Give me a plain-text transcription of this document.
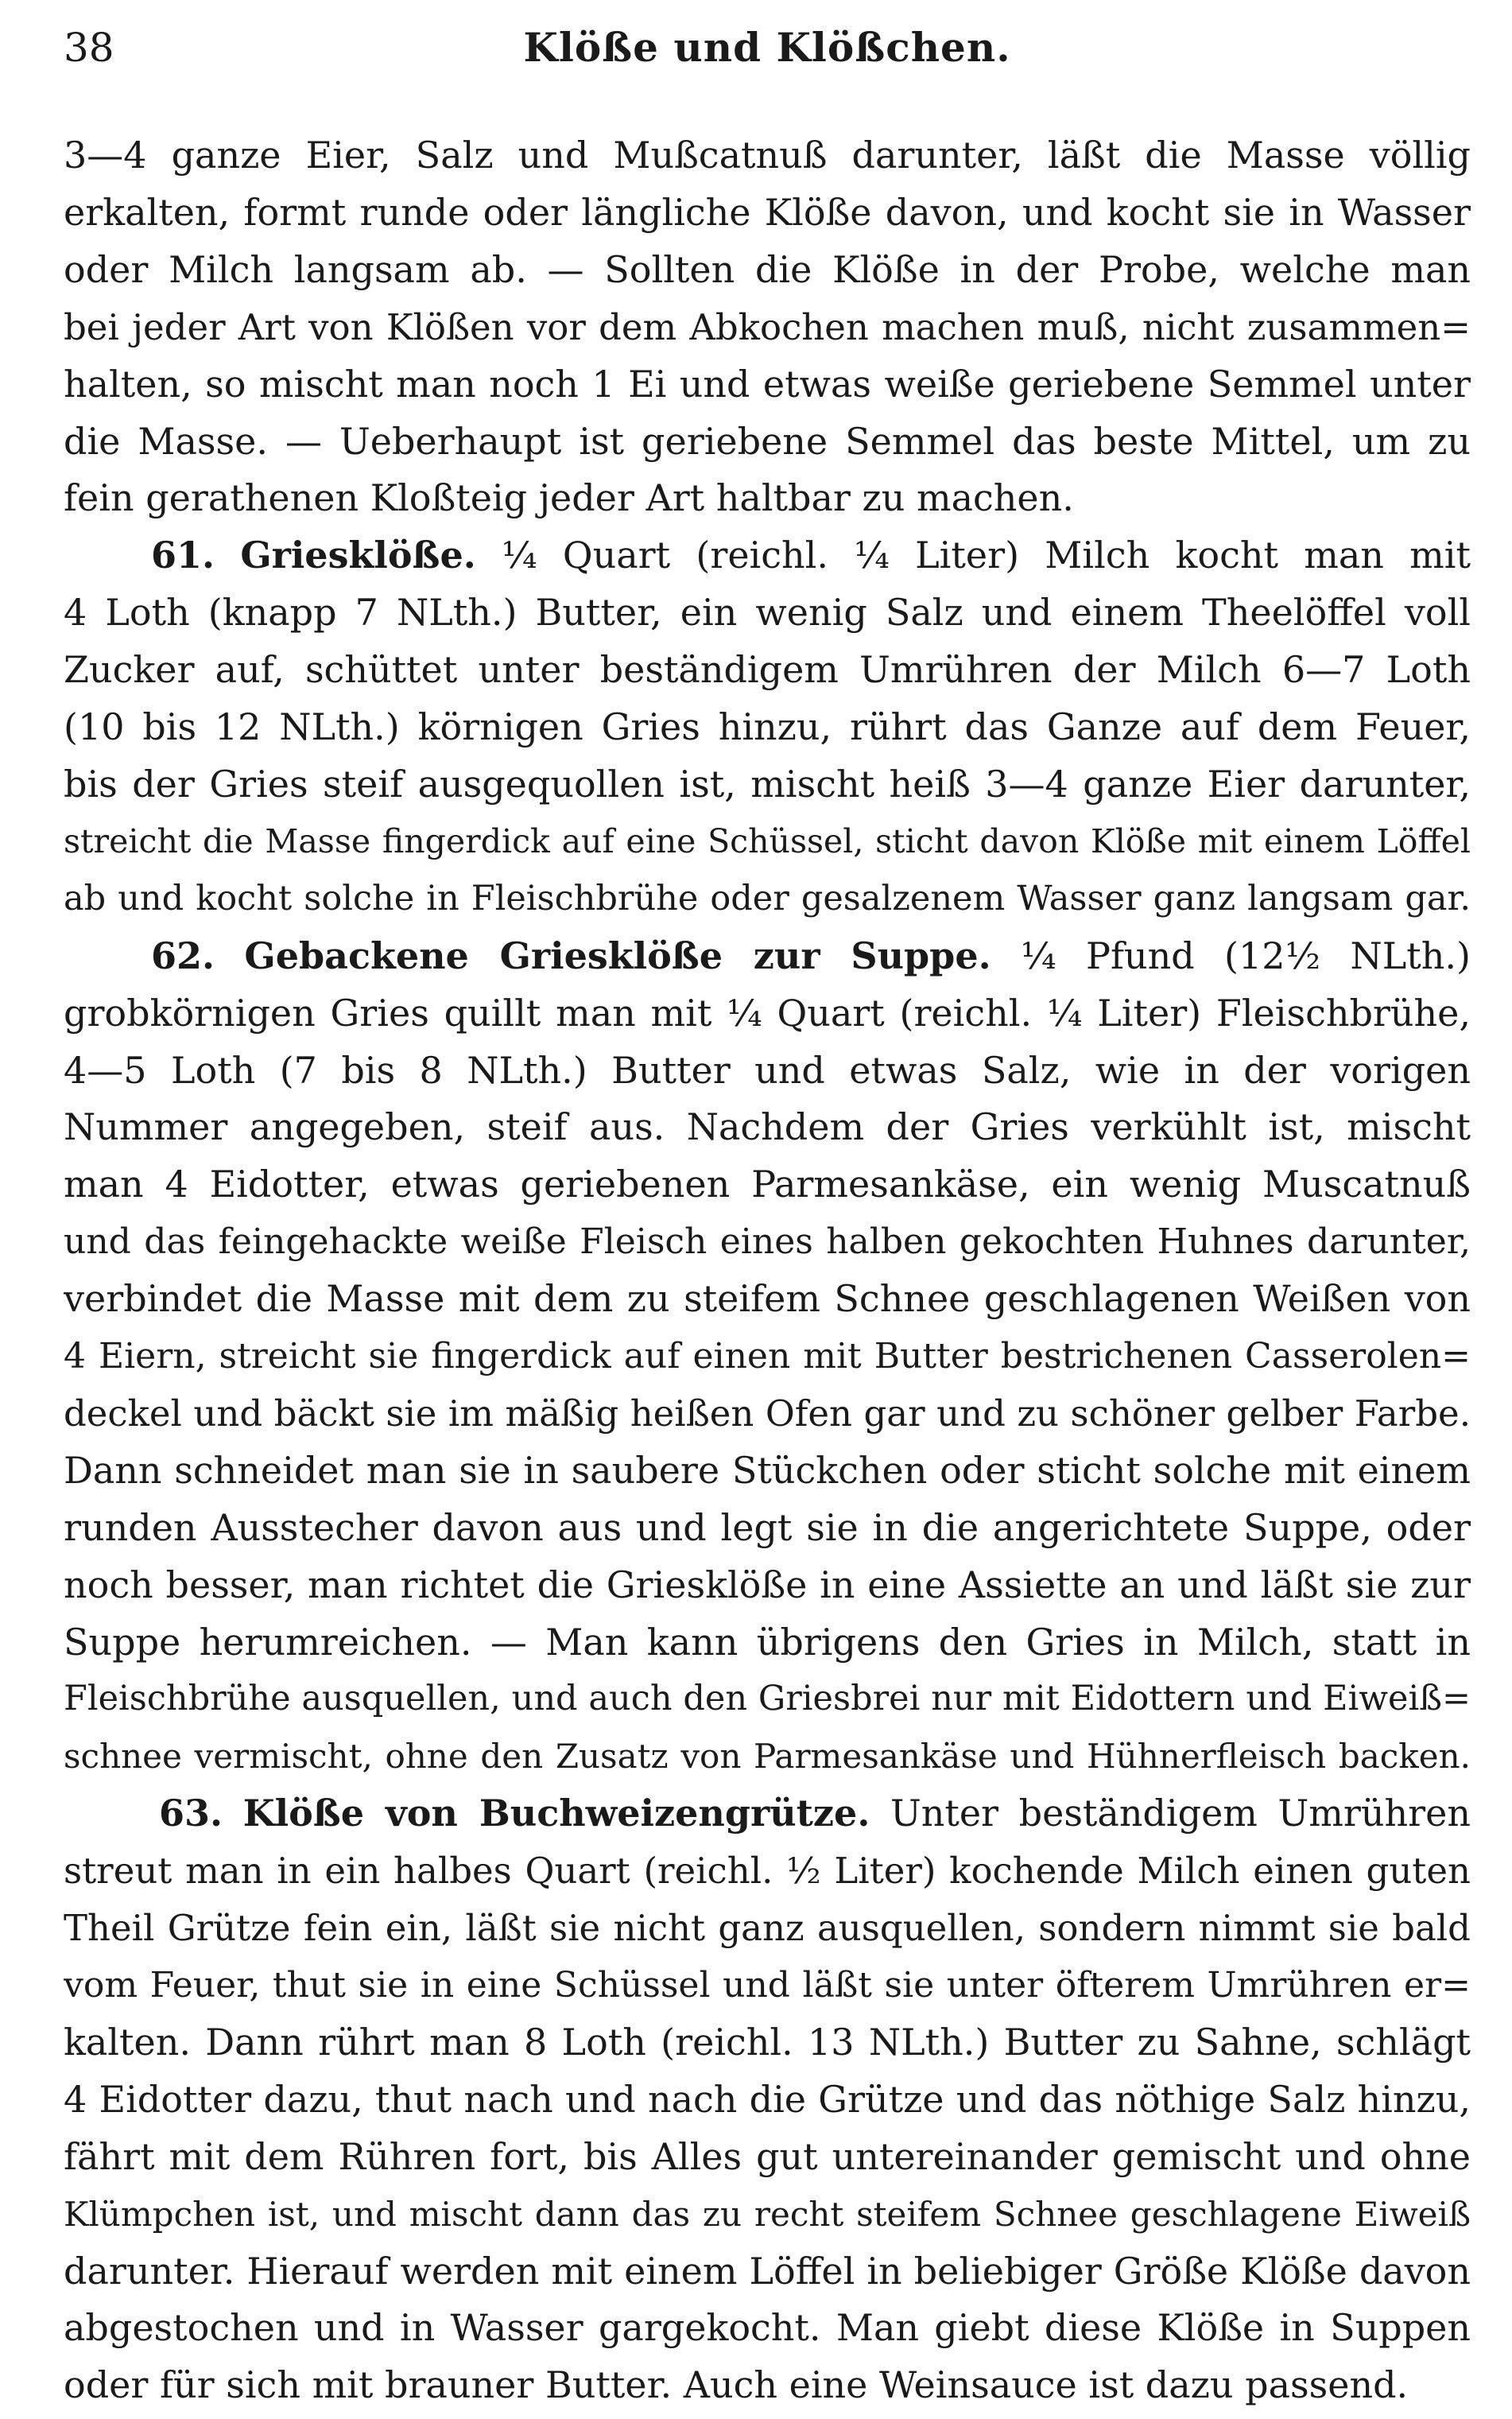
38	Klöße und Klößchen.
3—4 ganze Eier, Salz und Mußcatnuß darunter, läßt die Masse völlig
erkalten, formt runde oder längliche Klöße davon, und kocht sie in Wasser
oder Milch langsam ab. — Sollten die Klöße in der Probe, welche man
bei jeder Art von Klößen vor dem Abkochen machen muß, nicht zusammen=
halten, so mischt man noch 1 Ei und etwas weiße geriebene Semmel unter
die Masse. — Ueberhaupt ist geriebene Semmel das beste Mittel, um zu
fein gerathenen Kloßteig jeder Art haltbar zu machen.
61. Griesklöße. ¼ Quart (reichl. ¼ Liter) Milch kocht man mit
4 Loth (knapp 7 NLth.) Butter, ein wenig Salz und einem Theelöffel voll
Zucker auf, schüttet unter beständigem Umrühren der Milch 6—7 Loth
(10 bis 12 NLth.) körnigen Gries hinzu, rührt das Ganze auf dem Feuer,
bis der Gries steif ausgequollen ist, mischt heiß 3—4 ganze Eier darunter,
streicht die Masse fingerdick auf eine Schüssel, sticht davon Klöße mit einem Löffel
ab und kocht solche in Fleischbrühe oder gesalzenem Wasser ganz langsam gar.
62. Gebackene Griesklöße zur Suppe. ¼ Pfund (12½ NLth.)
grobkörnigen Gries quillt man mit ¼ Quart (reichl. ¼ Liter) Fleischbrühe,
4—5 Loth (7 bis 8 NLth.) Butter und etwas Salz, wie in der vorigen
Nummer angegeben, steif aus. Nachdem der Gries verkühlt ist, mischt
man 4 Eidotter, etwas geriebenen Parmesankäse, ein wenig Muscatnuß
und das feingehackte weiße Fleisch eines halben gekochten Huhnes darunter,
verbindet die Masse mit dem zu steifem Schnee geschlagenen Weißen von
4 Eiern, streicht sie fingerdick auf einen mit Butter bestrichenen Casserolen=
deckel und bäckt sie im mäßig heißen Ofen gar und zu schöner gelber Farbe.
Dann schneidet man sie in saubere Stückchen oder sticht solche mit einem
runden Ausstecher davon aus und legt sie in die angerichtete Suppe, oder
noch besser, man richtet die Griesklöße in eine Assiette an und läßt sie zur
Suppe herumreichen. — Man kann übrigens den Gries in Milch, statt in
Fleischbrühe ausquellen, und auch den Griesbrei nur mit Eidottern und Eiweiß=
schnee vermischt, ohne den Zusatz von Parmesankäse und Hühnerfleisch backen.
63. Klöße von Buchweizengrütze. Unter beständigem Umrühren
streut man in ein halbes Quart (reichl. ½ Liter) kochende Milch einen guten
Theil Grütze fein ein, läßt sie nicht ganz ausquellen, sondern nimmt sie bald
vom Feuer, thut sie in eine Schüssel und läßt sie unter öfterem Umrühren er=
kalten. Dann rührt man 8 Loth (reichl. 13 NLth.) Butter zu Sahne, schlägt
4 Eidotter dazu, thut nach und nach die Grütze und das nöthige Salz hinzu,
fährt mit dem Rühren fort, bis Alles gut untereinander gemischt und ohne
Klümpchen ist, und mischt dann das zu recht steifem Schnee geschlagene Eiweiß
darunter. Hierauf werden mit einem Löffel in beliebiger Größe Klöße davon
abgestochen und in Wasser gargekocht. Man giebt diese Klöße in Suppen
oder für sich mit brauner Butter. Auch eine Weinsauce ist dazu passend.
